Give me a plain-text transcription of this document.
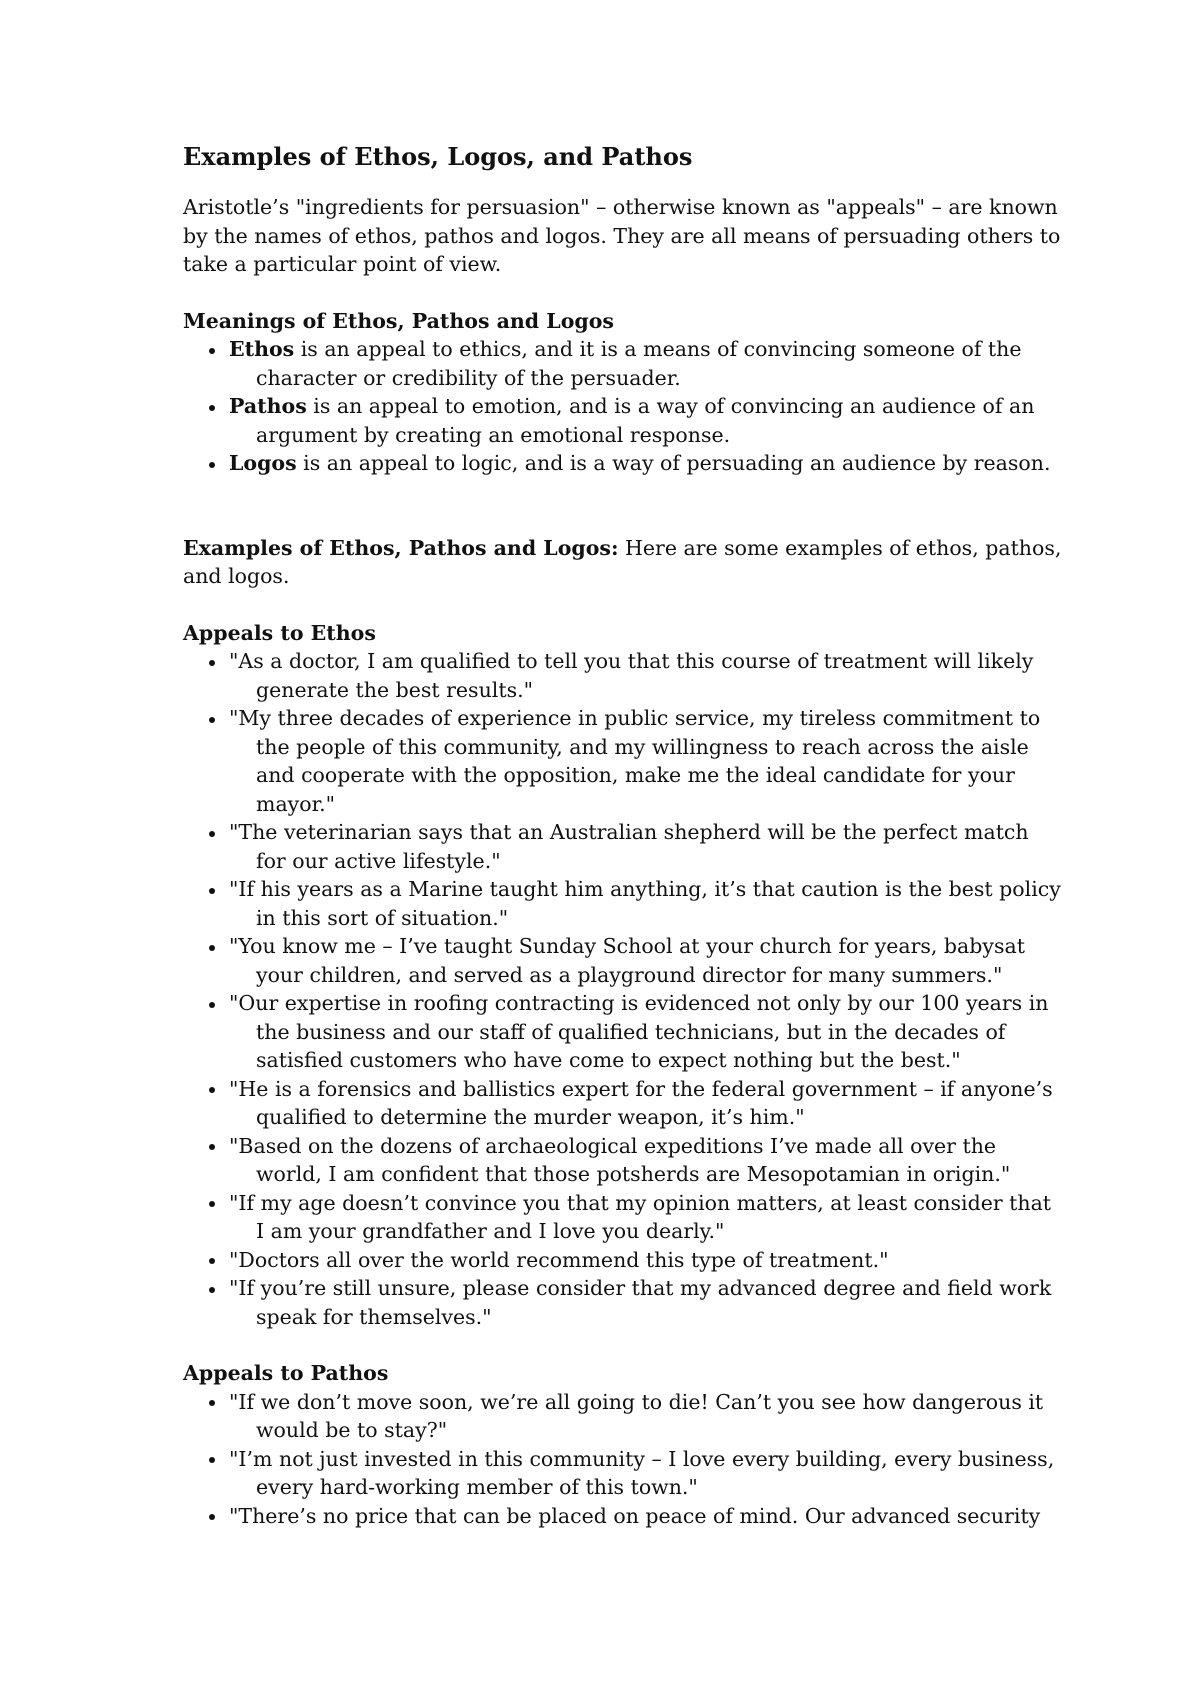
Examples of Ethos, Logos, and Pathos

Aristotle’s "ingredients for persuasion" – otherwise known as "appeals" – are known by the names of ethos, pathos and logos. They are all means of persuading others to take a particular point of view.

Meanings of Ethos, Pathos and Logos

Ethos is an appeal to ethics, and it is a means of convincing someone of the character or credibility of the persuader.
Pathos is an appeal to emotion, and is a way of convincing an audience of an argument by creating an emotional response.
Logos is an appeal to logic, and is a way of persuading an audience by reason.

Examples of Ethos, Pathos and Logos: Here are some examples of ethos, pathos, and logos.

Appeals to Ethos

"As a doctor, I am qualified to tell you that this course of treatment will likely generate the best results."
"My three decades of experience in public service, my tireless commitment to the people of this community, and my willingness to reach across the aisle and cooperate with the opposition, make me the ideal candidate for your mayor."
"The veterinarian says that an Australian shepherd will be the perfect match for our active lifestyle."
"If his years as a Marine taught him anything, it’s that caution is the best policy in this sort of situation."
"You know me – I’ve taught Sunday School at your church for years, babysat your children, and served as a playground director for many summers."
"Our expertise in roofing contracting is evidenced not only by our 100 years in the business and our staff of qualified technicians, but in the decades of satisfied customers who have come to expect nothing but the best."
"He is a forensics and ballistics expert for the federal government – if anyone’s qualified to determine the murder weapon, it’s him."
"Based on the dozens of archaeological expeditions I’ve made all over the world, I am confident that those potsherds are Mesopotamian in origin."
"If my age doesn’t convince you that my opinion matters, at least consider that I am your grandfather and I love you dearly."
"Doctors all over the world recommend this type of treatment."
"If you’re still unsure, please consider that my advanced degree and field work speak for themselves."

Appeals to Pathos

"If we don’t move soon, we’re all going to die! Can’t you see how dangerous it would be to stay?"
"I’m not just invested in this community – I love every building, every business, every hard-working member of this town."
"There’s no price that can be placed on peace of mind. Our advanced security
